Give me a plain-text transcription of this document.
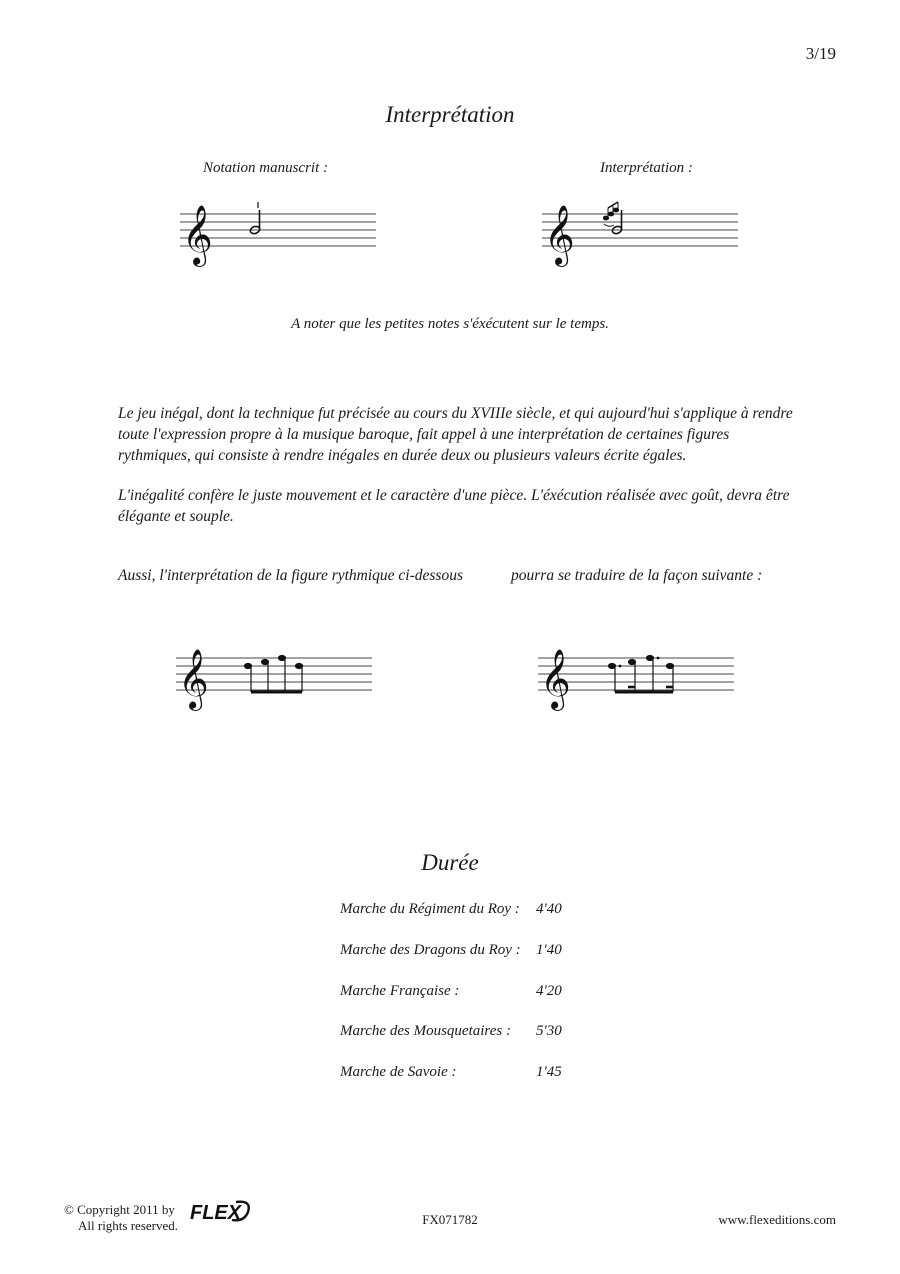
3/19
Interprétation
Notation manuscrit :	Interprétation :
𝄞	𝄞
A noter que les petites notes s'éxécutent sur le temps.
Le jeu inégal, dont la technique fut précisée au cours du XVIIIe siècle, et qui aujourd'hui s'applique à rendre toute l'expression propre à la musique baroque, fait appel à une interprétation de certaines figures rythmiques, qui consiste à rendre inégales en durée deux ou plusieurs valeurs écrite égales.
L'inégalité confère le juste mouvement et le caractère d'une pièce. L'éxécution réalisée avec goût, devra être élégante et souple.
Aussi, l'interprétation de la figure rythmique ci-dessous	pourra se traduire de la façon suivante :
𝄞	𝄞
Durée
Marche du Régiment du Roy : 4'40
Marche des Dragons du Roy : 1'40
Marche Française :	4'20
Marche des Mousquetaires : 5'30
Marche de Savoie :	1'45
© Copyright 2011 by
All rights reserved.
FLEX	FX071782	www.flexeditions.com
